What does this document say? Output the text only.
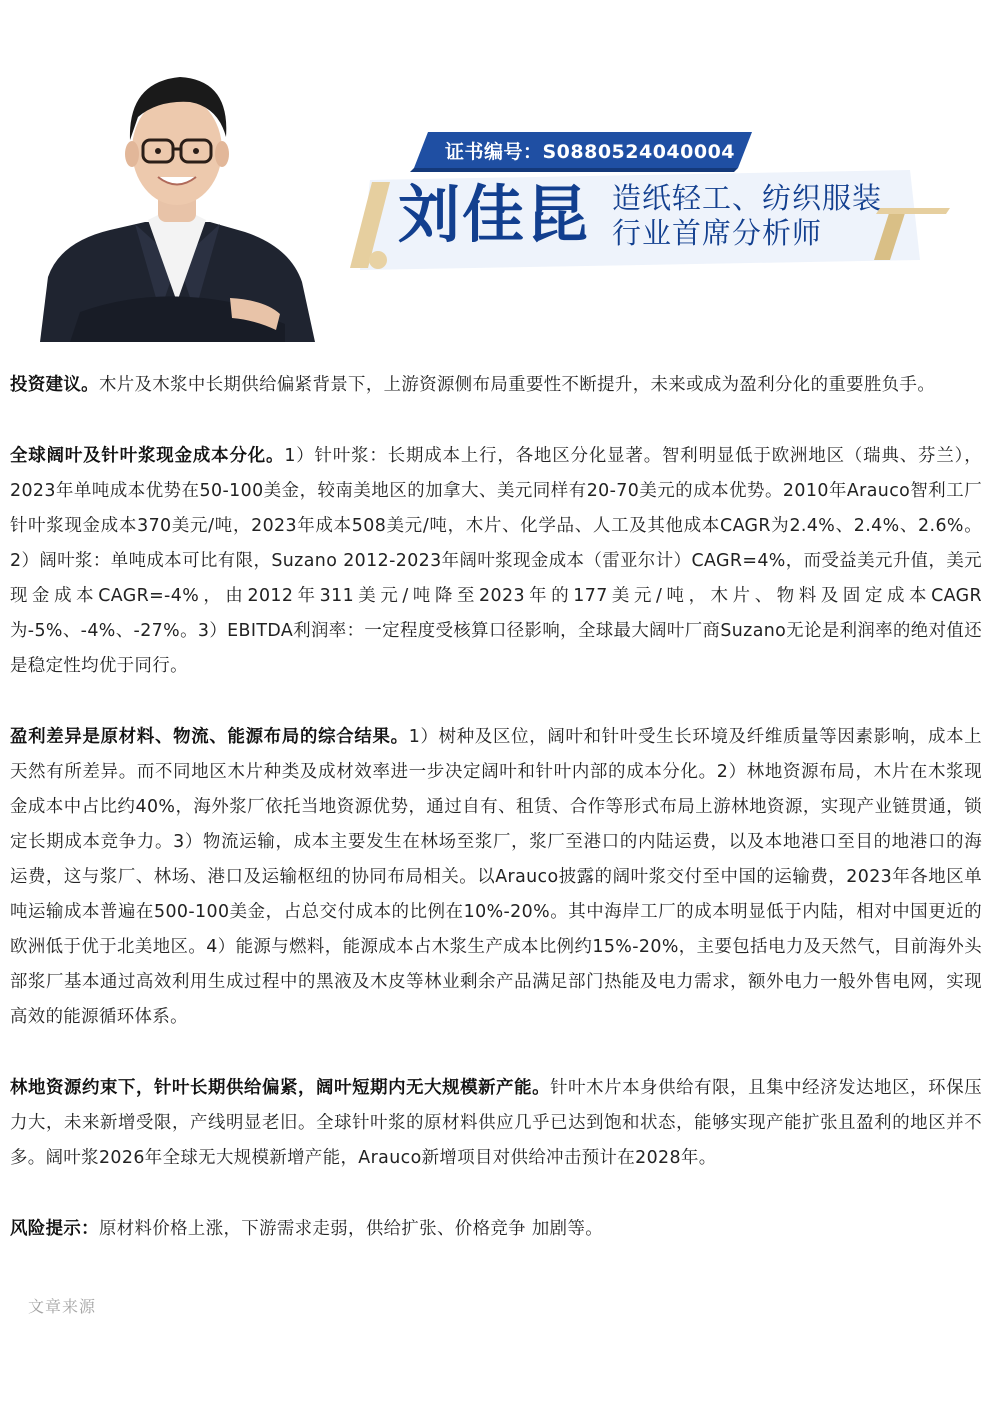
证书编号：S0880524040004
刘佳昆 造纸轻工、纺织服装
行业首席分析师

投资建议。木片及木浆中长期供给偏紧背景下，上游资源侧布局重要性不断提升，未来或成为盈利分化的重要胜负手。

全球阔叶及针叶浆现金成本分化。1）针叶浆：长期成本上行，各地区分化显著。智利明显低于欧洲地区（瑞典、芬兰），2023年单吨成本优势在50-100美金，较南美地区的加拿大、美元同样有20-70美元的成本优势。2010年Arauco智利工厂针叶浆现金成本370美元/吨，2023年成本508美元/吨，木片、化学品、人工及其他成本CAGR为2.4%、2.4%、2.6%。2）阔叶浆：单吨成本可比有限，Suzano 2012-2023年阔叶浆现金成本（雷亚尔计）CAGR=4%，而受益美元升值，美元现金成本CAGR=-4%，由2012年311美元/吨降至2023年的177美元/吨，木片、物料及固定成本CAGR为-5%、-4%、-27%。3）EBITDA利润率：一定程度受核算口径影响，全球最大阔叶厂商Suzano无论是利润率的绝对值还是稳定性均优于同行。

盈利差异是原材料、物流、能源布局的综合结果。1）树种及区位，阔叶和针叶受生长环境及纤维质量等因素影响，成本上天然有所差异。而不同地区木片种类及成材效率进一步决定阔叶和针叶内部的成本分化。2）林地资源布局，木片在木浆现金成本中占比约40%，海外浆厂依托当地资源优势，通过自有、租赁、合作等形式布局上游林地资源，实现产业链贯通，锁定长期成本竞争力。3）物流运输，成本主要发生在林场至浆厂，浆厂至港口的内陆运费，以及本地港口至目的地港口的海运费，这与浆厂、林场、港口及运输枢纽的协同布局相关。以Arauco披露的阔叶浆交付至中国的运输费，2023年各地区单吨运输成本普遍在500-100美金，占总交付成本的比例在10%-20%。其中海岸工厂的成本明显低于内陆，相对中国更近的欧洲低于优于北美地区。4）能源与燃料，能源成本占木浆生产成本比例约15%-20%，主要包括电力及天然气，目前海外头部浆厂基本通过高效利用生成过程中的黑液及木皮等林业剩余产品满足部门热能及电力需求，额外电力一般外售电网，实现高效的能源循环体系。

林地资源约束下，针叶长期供给偏紧，阔叶短期内无大规模新产能。针叶木片本身供给有限，且集中经济发达地区，环保压力大，未来新增受限，产线明显老旧。全球针叶浆的原材料供应几乎已达到饱和状态，能够实现产能扩张且盈利的地区并不多。阔叶浆2026年全球无大规模新增产能，Arauco新增项目对供给冲击预计在2028年。

风险提示：原材料价格上涨，下游需求走弱，供给扩张、价格竞争 加剧等。

文章来源
